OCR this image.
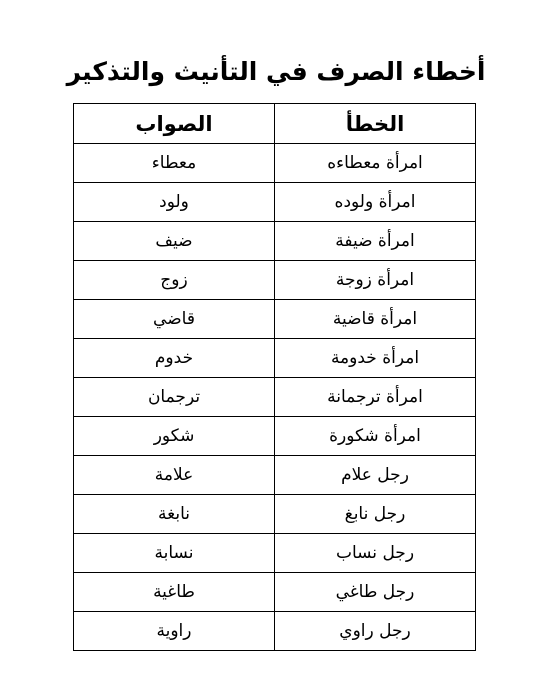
أخطاء الصرف في التأنيث والتذكير
الخطأ	الصواب
امرأة معطاءه	معطاء
امرأة ولوده	ولود
امرأة ضيفة	ضيف
امرأة زوجة	زوج
امرأة قاضية	قاضي
امرأة خدومة	خدوم
امرأة ترجمانة	ترجمان
امرأة شكورة	شكور
رجل علام	علامة
رجل نابغ	نابغة
رجل نساب	نسابة
رجل طاغي	طاغية
رجل راوي	راوية
